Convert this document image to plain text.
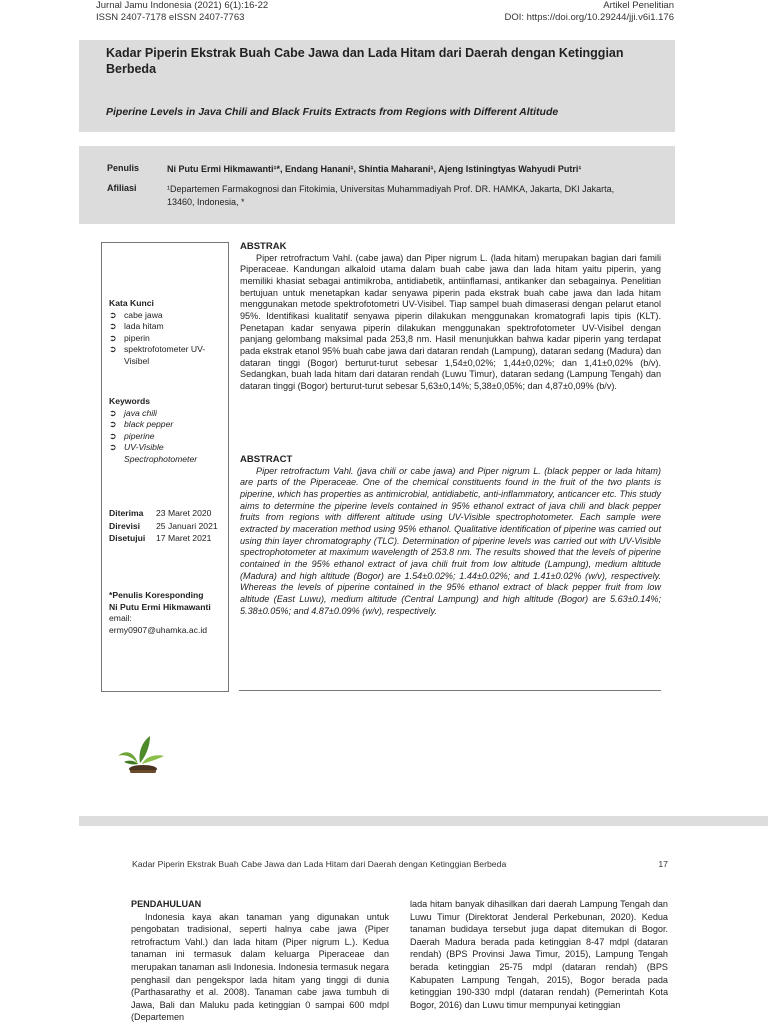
Jurnal Jamu Indonesia (2021) 6(1):16-22
ISSN 2407-7178 eISSN 2407-7763
Artikel Penelitian
DOI: https://doi.org/10.29244/jji.v6i1.176
Kadar Piperin Ekstrak Buah Cabe Jawa dan Lada Hitam dari Daerah dengan Ketinggian Berbeda
Piperine Levels in Java Chili and Black Fruits Extracts from Regions with Different Altitude
Penulis	Ni Putu Ermi Hikmawanti¹*, Endang Hanani¹, Shintia Maharani¹, Ajeng Istiningtyas Wahyudi Putri¹
Afiliasi	¹Departemen Farmakognosi dan Fitokimia, Universitas Muhammadiyah Prof. DR. HAMKA, Jakarta, DKI Jakarta, 13460, Indonesia, *
Kata Kunci
➲ cabe jawa
➲ lada hitam
➲ piperin
➲ spektrofotometer UV-Visibel
Keywords
➲ java chili
➲ black pepper
➲ piperine
➲ UV-Visible Spectrophotometer
Diterima	23 Maret 2020
Direvisi	25 Januari 2021
Disetujui	17 Maret 2021
*Penulis Koresponding
Ni Putu Ermi Hikmawanti
email:
ermy0907@uhamka.ac.id
ABSTRAK

Piper retrofractum Vahl. (cabe jawa) dan Piper nigrum L. (lada hitam) merupakan bagian dari famili Piperaceae. Kandungan alkaloid utama dalam buah cabe jawa dan lada hitam yaitu piperin, yang memiliki khasiat sebagai antimikroba, antidiabetik, antiinflamasi, antikanker dan sebagainya. Penelitian bertujuan untuk menetapkan kadar senyawa piperin pada ekstrak buah cabe jawa dan lada hitam menggunakan metode spektrofotometri UV-Visibel. Tiap sampel buah dimaserasi dengan pelarut etanol 95%. Identifikasi kualitatif senyawa piperin dilakukan menggunakan kromatografi lapis tipis (KLT). Penetapan kadar senyawa piperin dilakukan menggunakan spektrofotometer UV-Visibel dengan panjang gelombang maksimal pada 253,8 nm. Hasil menunjukkan bahwa kadar piperin yang terdapat pada ekstrak etanol 95% buah cabe jawa dari dataran rendah (Lampung), dataran sedang (Madura) dan dataran tinggi (Bogor) berturut-turut sebesar 1,54±0,02%; 1,44±0,02%; dan 1,41±0,02% (b/v). Sedangkan, buah lada hitam dari dataran rendah (Luwu Timur), dataran sedang (Lampung Tengah) dan dataran tinggi (Bogor) berturut-turut sebesar 5,63±0,14%; 5,38±0,05%; dan 4,87±0,09% (b/v).

ABSTRACT

Piper retrofractum Vahl. (java chili or cabe jawa) and Piper nigrum L. (black pepper or lada hitam) are parts of the Piperaceae. One of the chemical constituents found in the fruit of the two plants is piperine, which has properties as antimicrobial, antidiabetic, anti-inflammatory, anticancer etc. This study aims to determine the piperine levels contained in 95% ethanol extract of java chili and black pepper fruits from regions with different altitude using UV-Visible spectrophotometer. Each sample were extracted by maceration method using 95% ethanol. Qualitative identification of piperine was carried out using thin layer chromatography (TLC). Determination of piperine levels was carried out with UV-Visible spectrophotometer at maximum wavelength of 253.8 nm. The results showed that the levels of piperine contained in the 95% ethanol extract of java chili fruit from low altitude (Lampung), medium altitude (Madura) and high altitude (Bogor) are 1.54±0.02%; 1.44±0.02%; and 1.41±0.02% (w/v), respectively. Whereas the levels of piperine contained in the 95% ethanol extract of black pepper fruit from low altitude (East Luwu), medium altitude (Central Lampung) and high altitude (Bogor) are 5.63±0.14%; 5.38±0.05%; and 4.87±0.09% (w/v), respectively.

Kadar Piperin Ekstrak Buah Cabe Jawa dan Lada Hitam dari Daerah dengan Ketinggian Berbeda	17
PENDAHULUAN

Indonesia kaya akan tanaman yang digunakan untuk pengobatan tradisional, seperti halnya cabe jawa (Piper retrofractum Vahl.) dan lada hitam (Piper nigrum L.). Kedua tanaman ini termasuk dalam keluarga Piperaceae dan merupakan tanaman asli Indonesia. Indonesia termasuk negara penghasil dan pengekspor lada hitam yang tinggi di dunia (Parthasarathy et al. 2008). Tanaman cabe jawa tumbuh di Jawa, Bali dan Maluku pada ketinggian 0 sampai 600 mdpl (Departemen

lada hitam banyak dihasilkan dari daerah Lampung Tengah dan Luwu Timur (Direktorat Jenderal Perkebunan, 2020). Kedua tanaman budidaya tersebut juga dapat ditemukan di Bogor. Daerah Madura berada pada ketinggian 8-47 mdpl (dataran rendah) (BPS Provinsi Jawa Timur, 2015), Lampung Tengah berada ketinggian 25-75 mdpl (dataran rendah) (BPS Kabupaten Lampung Tengah, 2015), Bogor berada pada ketinggian 190-330 mdpl (dataran rendah) (Pemerintah Kota Bogor, 2016) dan Luwu timur mempunyai ketinggian
